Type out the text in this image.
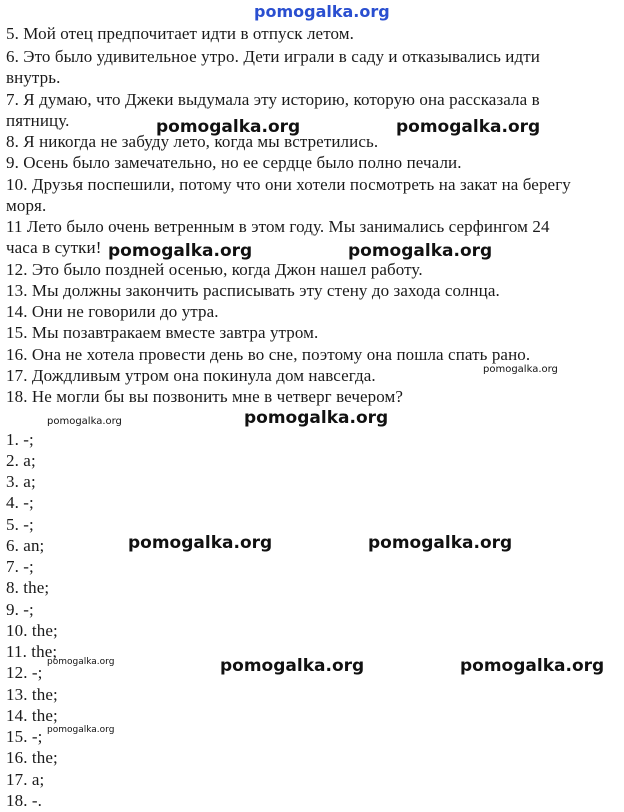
pomogalka.org
5. Мой отец предпочитает идти в отпуск летом.
6. Это было удивительное утро. Дети играли в саду и отказывались идти
внутрь.
7. Я думаю, что Джеки выдумала эту историю, которую она рассказала в
пятницу.
8. Я никогда не забуду лето, когда мы встретились.
9. Осень было замечательно, но ее сердце было полно печали.
10. Друзья поспешили, потому что они хотели посмотреть на закат на берегу
моря.
11 Лето было очень ветренным в этом году. Мы занимались серфингом 24
часа в сутки!
12. Это было поздней осенью, когда Джон нашел работу.
13. Мы должны закончить расписывать эту стену до захода солнца.
14. Они не говорили до утра.
15. Мы позавтракаем вместе завтра утром.
16. Она не хотела провести день во сне, поэтому она пошла спать рано.
17. Дождливым утром она покинула дом навсегда.
18. Не могли бы вы позвонить мне в четверг вечером?
1. -;
2. a;
3. a;
4. -;
5. -;
6. an;
7. -;
8. the;
9. -;
10. the;
11. the;
12. -;
13. the;
14. the;
15. -;
16. the;
17. a;
18. -.
pomogalka.org	pomogalka.org
pomogalka.org	pomogalka.org
pomogalka.org
pomogalka.org
pomogalka.org
pomogalka.org	pomogalka.org
pomogalka.org	pomogalka.org	pomogalka.org
pomogalka.org
